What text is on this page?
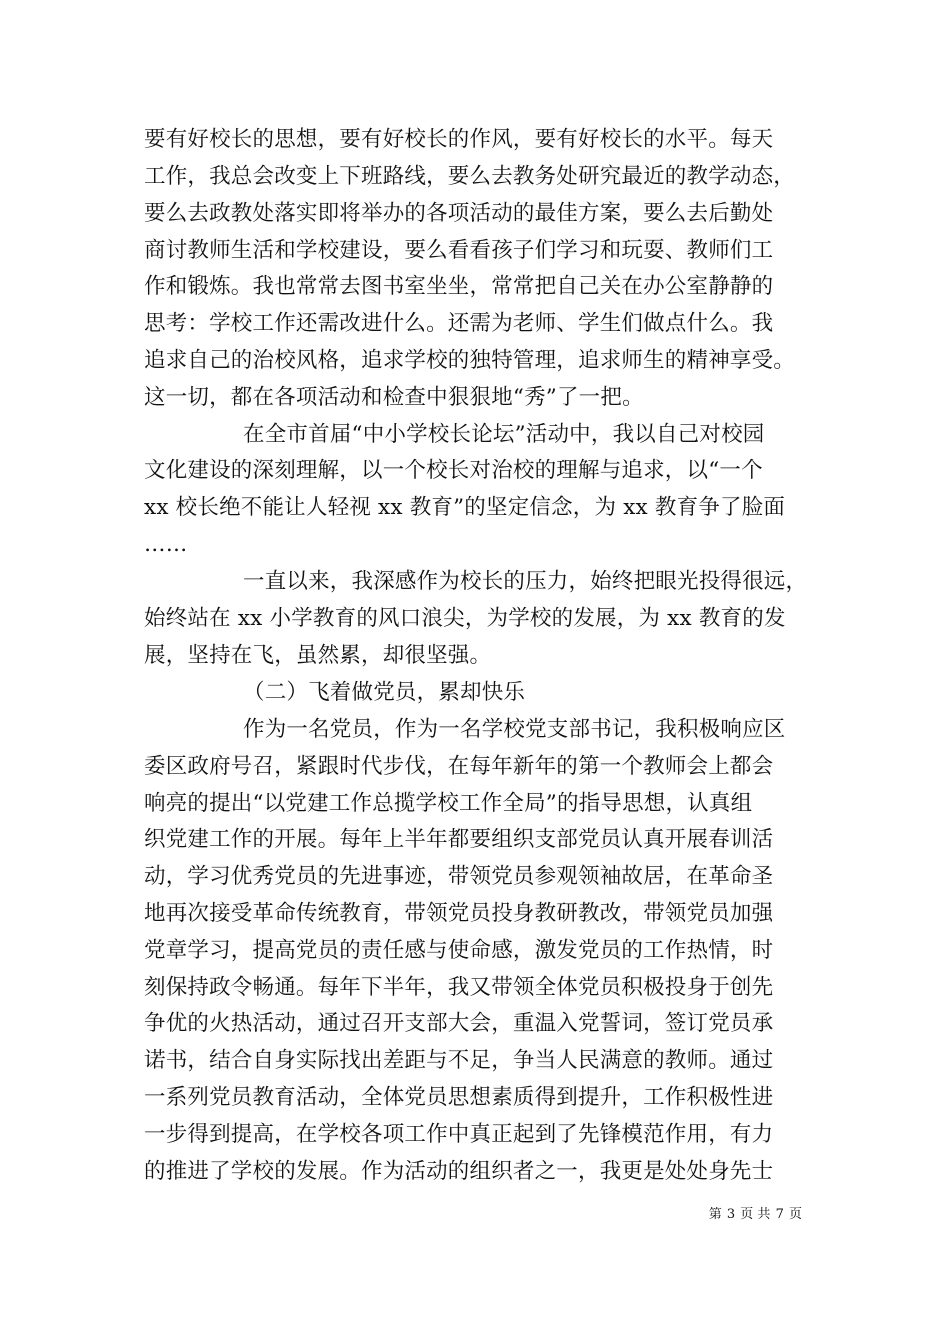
要有好校长的思想，要有好校长的作风，要有好校长的水平。每天
工作，我总会改变上下班路线，要么去教务处研究最近的教学动态，
要么去政教处落实即将举办的各项活动的最佳方案，要么去后勤处
商讨教师生活和学校建设，要么看看孩子们学习和玩耍、教师们工
作和锻炼。我也常常去图书室坐坐，常常把自己关在办公室静静的
思考：学校工作还需改进什么。还需为老师、学生们做点什么。我
追求自己的治校风格，追求学校的独特管理，追求师生的精神享受。
这一切，都在各项活动和检查中狠狠地“秀”了一把。
在全市首届“中小学校长论坛”活动中，我以自己对校园
文化建设的深刻理解，以一个校长对治校的理解与追求，以“一个
xx 校长绝不能让人轻视 xx 教育”的坚定信念，为 xx 教育争了脸面
……
一直以来，我深感作为校长的压力，始终把眼光投得很远，
始终站在 xx 小学教育的风口浪尖，为学校的发展，为 xx 教育的发
展，坚持在飞，虽然累，却很坚强。
（二）飞着做党员，累却快乐
作为一名党员，作为一名学校党支部书记，我积极响应区
委区政府号召，紧跟时代步伐，在每年新年的第一个教师会上都会
响亮的提出“以党建工作总揽学校工作全局”的指导思想，认真组
织党建工作的开展。每年上半年都要组织支部党员认真开展春训活
动，学习优秀党员的先进事迹，带领党员参观领袖故居，在革命圣
地再次接受革命传统教育，带领党员投身教研教改，带领党员加强
党章学习，提高党员的责任感与使命感，激发党员的工作热情，时
刻保持政令畅通。每年下半年，我又带领全体党员积极投身于创先
争优的火热活动，通过召开支部大会，重温入党誓词，签订党员承
诺书，结合自身实际找出差距与不足，争当人民满意的教师。通过
一系列党员教育活动，全体党员思想素质得到提升，工作积极性进
一步得到提高，在学校各项工作中真正起到了先锋模范作用，有力
的推进了学校的发展。作为活动的组织者之一，我更是处处身先士
第 3 页 共 7 页
